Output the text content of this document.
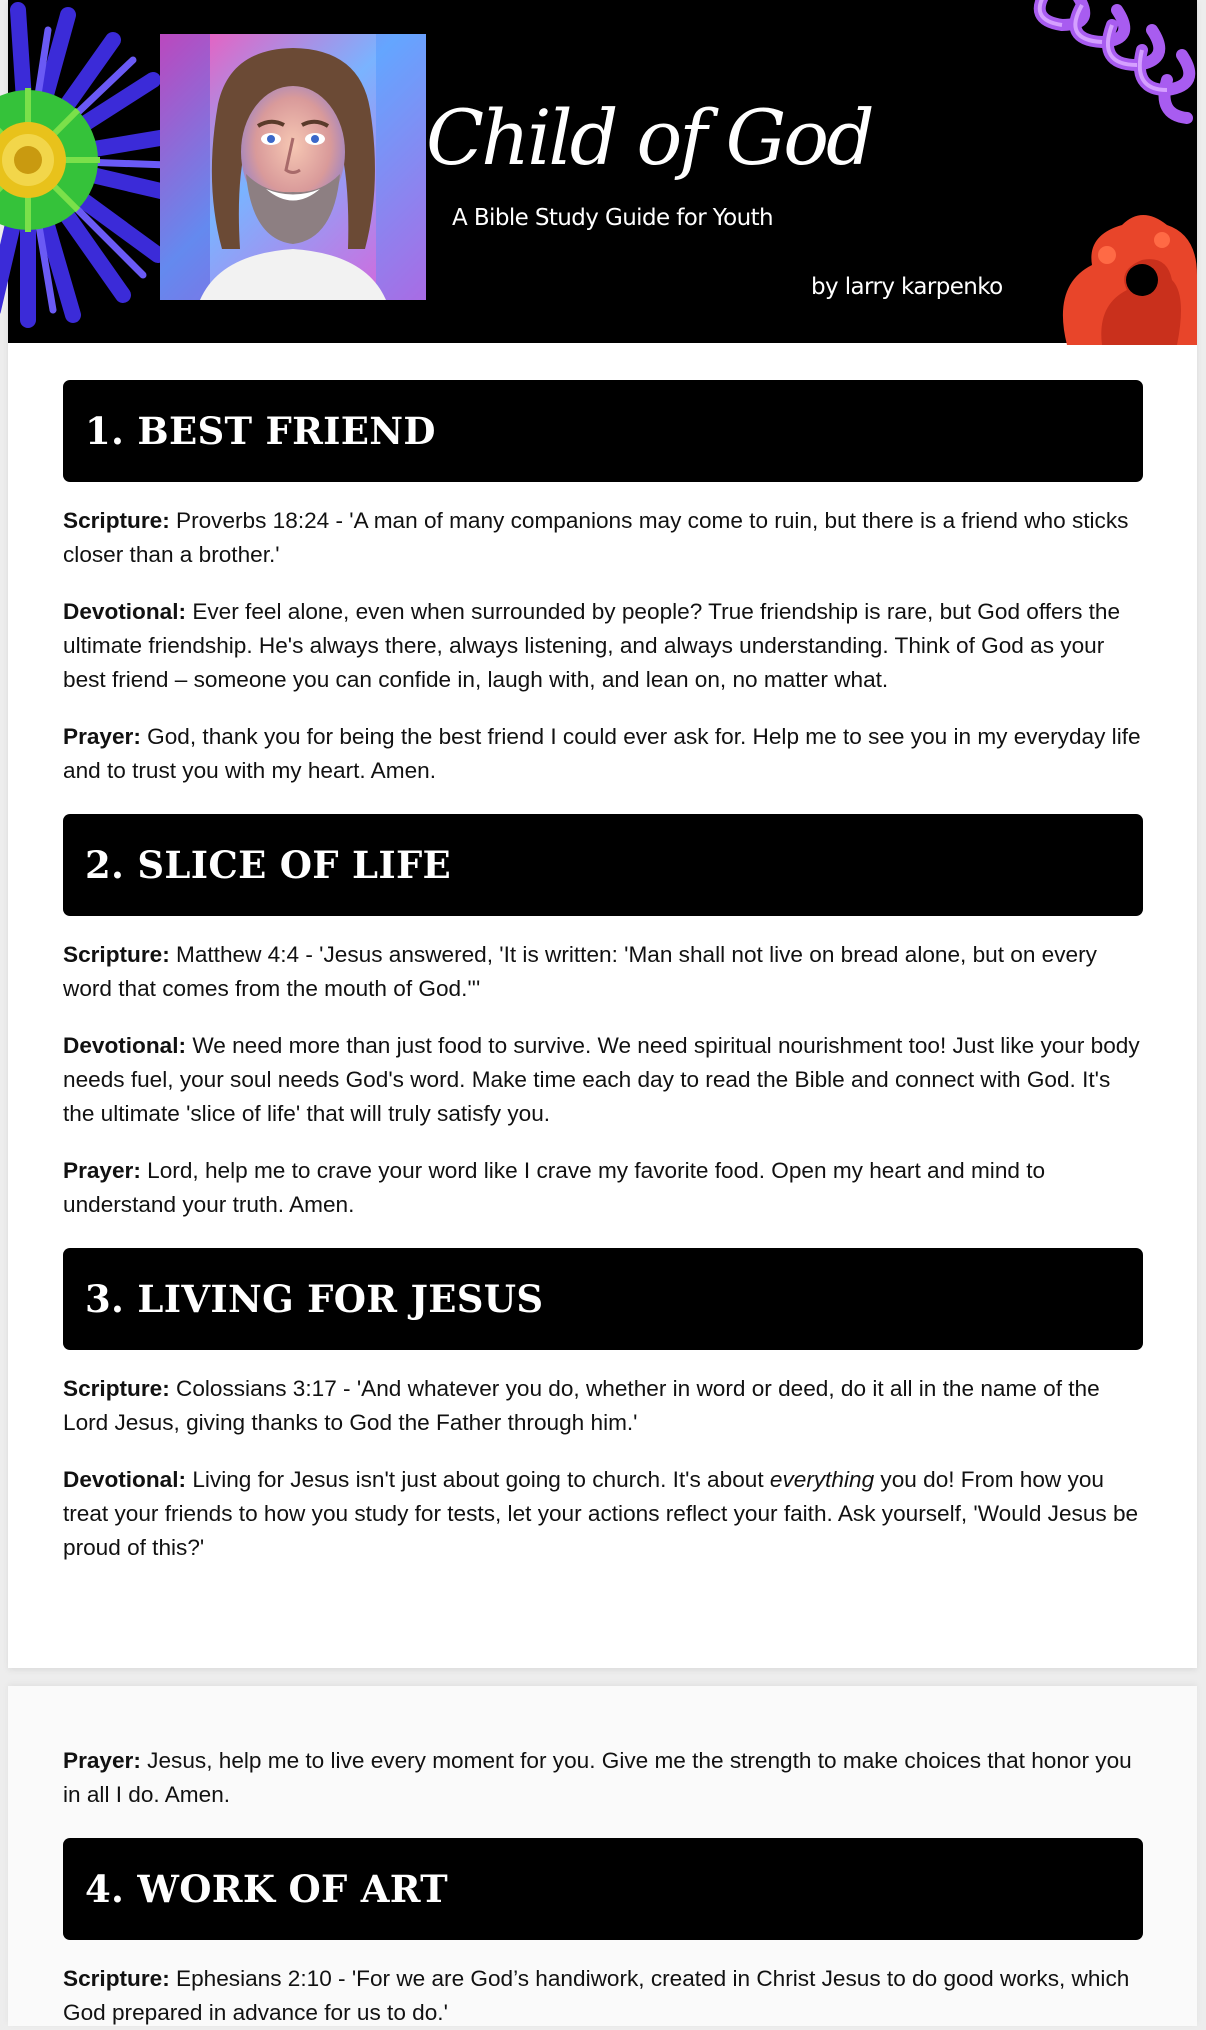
Child of God
A Bible Study Guide for Youth
by larry karpenko
1. BEST FRIEND

Scripture: Proverbs 18:24 - 'A man of many companions may come to ruin, but there is a friend who sticks closer than a brother.'

Devotional: Ever feel alone, even when surrounded by people? True friendship is rare, but God offers the ultimate friendship. He's always there, always listening, and always understanding. Think of God as your best friend – someone you can confide in, laugh with, and lean on, no matter what.

Prayer: God, thank you for being the best friend I could ever ask for. Help me to see you in my everyday life and to trust you with my heart. Amen.

2. SLICE OF LIFE

Scripture: Matthew 4:4 - 'Jesus answered, 'It is written: 'Man shall not live on bread alone, but on every word that comes from the mouth of God.'''

Devotional: We need more than just food to survive. We need spiritual nourishment too! Just like your body needs fuel, your soul needs God's word. Make time each day to read the Bible and connect with God. It's the ultimate 'slice of life' that will truly satisfy you.

Prayer: Lord, help me to crave your word like I crave my favorite food. Open my heart and mind to understand your truth. Amen.

3. LIVING FOR JESUS

Scripture: Colossians 3:17 - 'And whatever you do, whether in word or deed, do it all in the name of the Lord Jesus, giving thanks to God the Father through him.'

Devotional: Living for Jesus isn't just about going to church. It's about everything you do! From how you treat your friends to how you study for tests, let your actions reflect your faith. Ask yourself, 'Would Jesus be proud of this?'

Prayer: Jesus, help me to live every moment for you. Give me the strength to make choices that honor you in all I do. Amen.

4. WORK OF ART

Scripture: Ephesians 2:10 - 'For we are God’s handiwork, created in Christ Jesus to do good works, which God prepared in advance for us to do.'
